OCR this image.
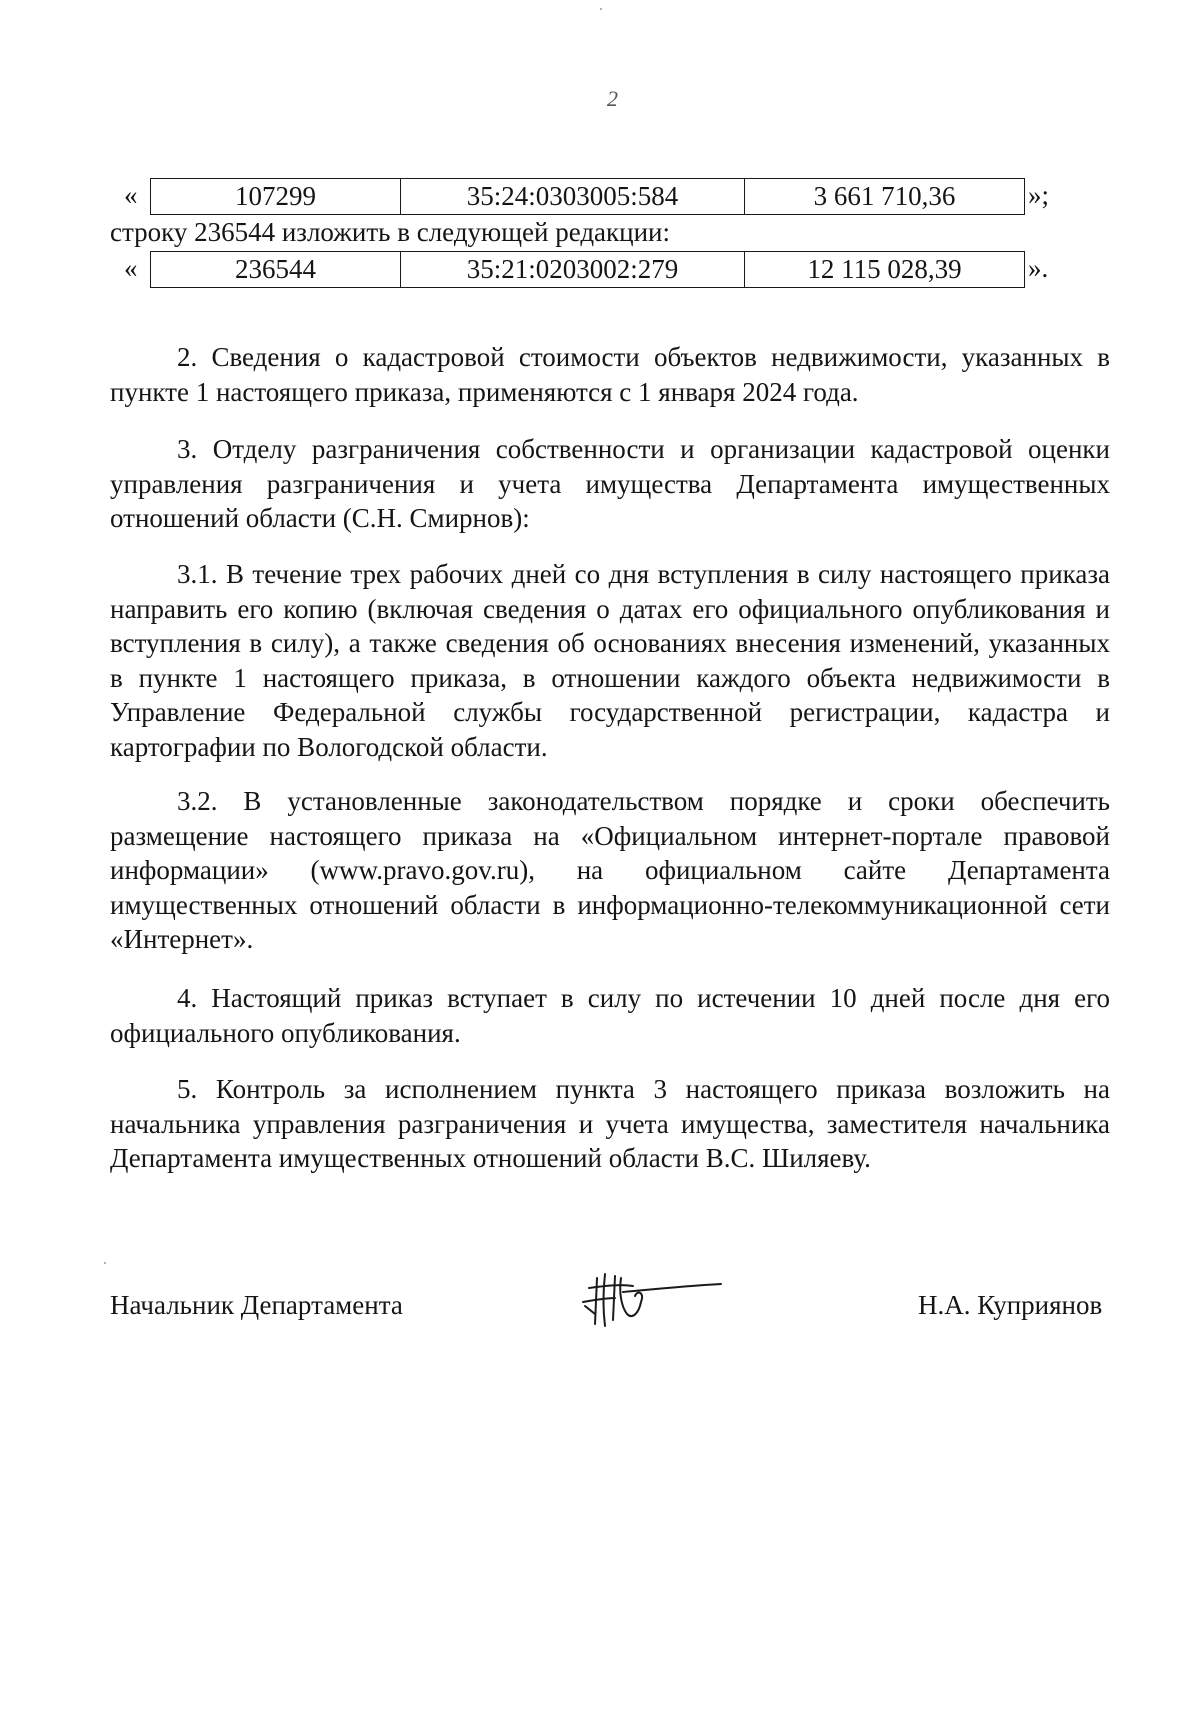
2
«	107299	35:24:0303005:584	3 661 710,36	»;
строку 236544 изложить в следующей редакции:
«	236544	35:21:0203002:279	12 115 028,39 ».

2. Сведения о кадастровой стоимости объектов недвижимости, указанных в пункте 1 настоящего приказа, применяются с 1 января 2024 года.

3. Отделу разграничения собственности и организации кадастровой оценки управления разграничения и учета имущества Департамента имущественных отношений области (С.Н. Смирнов):

3.1. В течение трех рабочих дней со дня вступления в силу настоящего приказа направить его копию (включая сведения о датах его официального опубликования и вступления в силу), а также сведения об основаниях внесения изменений, указанных в пункте 1 настоящего приказа, в отношении каждого объекта недвижимости в Управление Федеральной службы государственной регистрации, кадастра и картографии по Вологодской области.

3.2. В установленные законодательством порядке и сроки обеспечить размещение настоящего приказа на «Официальном интернет-портале правовой информации» (www.pravo.gov.ru), на официальном сайте Департамента имущественных отношений области в информационно-телекоммуникационной сети «Интернет».

4. Настоящий приказ вступает в силу по истечении 10 дней после дня его официального опубликования.

5. Контроль за исполнением пункта 3 настоящего приказа возложить на начальника управления разграничения и учета имущества, заместителя начальника Департамента имущественных отношений области В.С. Шиляеву.

Начальник Департамента	Н.А. Куприянов
